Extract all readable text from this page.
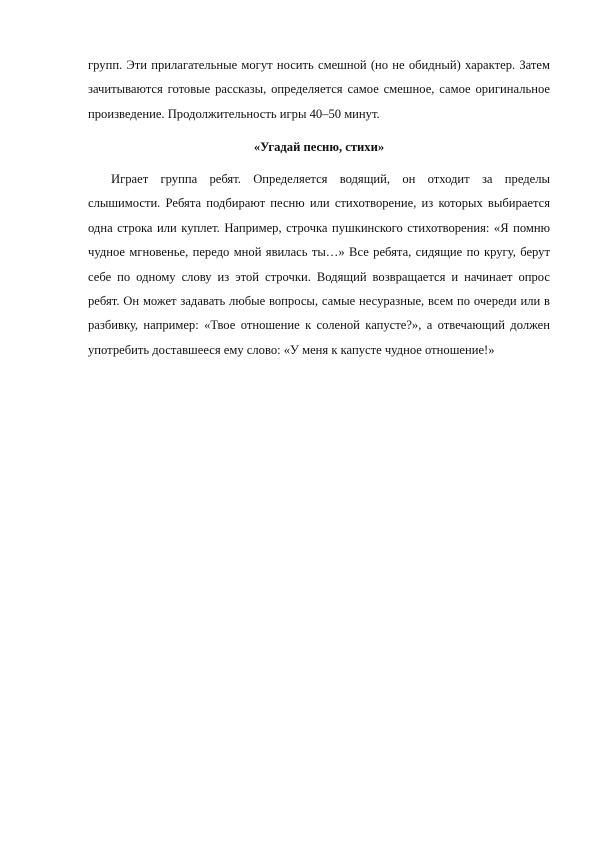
групп. Эти прилагательные могут носить смешной (но не обидный) характер. Затем зачитываются готовые рассказы, определяется самое смешное, самое оригинальное произведение. Продолжительность игры 40–50 минут.

«Угадай песню, стихи»

Играет группа ребят. Определяется водящий, он отходит за пределы слышимости. Ребята подбирают песню или стихотворение, из которых выбирается одна строка или куплет. Например, строчка пушкинского стихотворения: «Я помню чудное мгновенье, передо мной явилась ты…» Все ребята, сидящие по кругу, берут себе по одному слову из этой строчки. Водящий возвращается и начинает опрос ребят. Он может задавать любые вопросы, самые несуразные, всем по очереди или в разбивку, например: «Твое отношение к соленой капусте?», а отвечающий должен употребить доставшееся ему слово: «У меня к капусте чудное отношение!»
